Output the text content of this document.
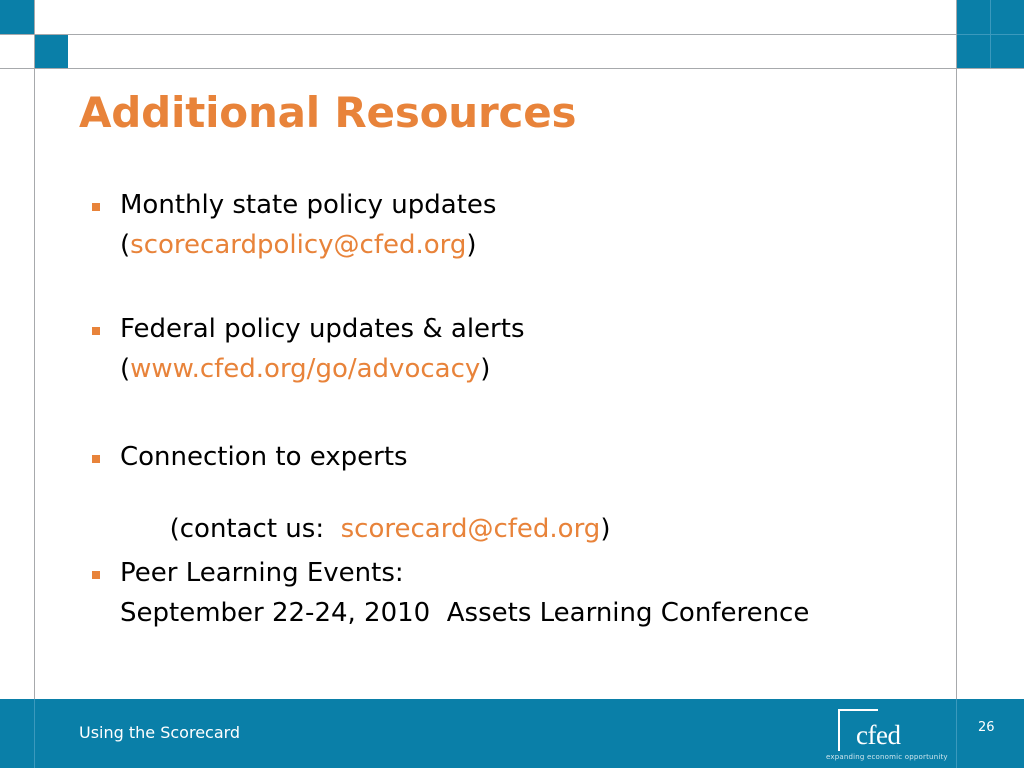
Additional Resources
Monthly state policy updates
(scorecardpolicy@cfed.org)
Federal policy updates & alerts
(www.cfed.org/go/advocacy)
Connection to experts

(contact us:  scorecard@cfed.org)

Peer Learning Events:
September 22-24, 2010  Assets Learning Conference
Using the Scorecard	cfed
expanding economic opportunity
26
